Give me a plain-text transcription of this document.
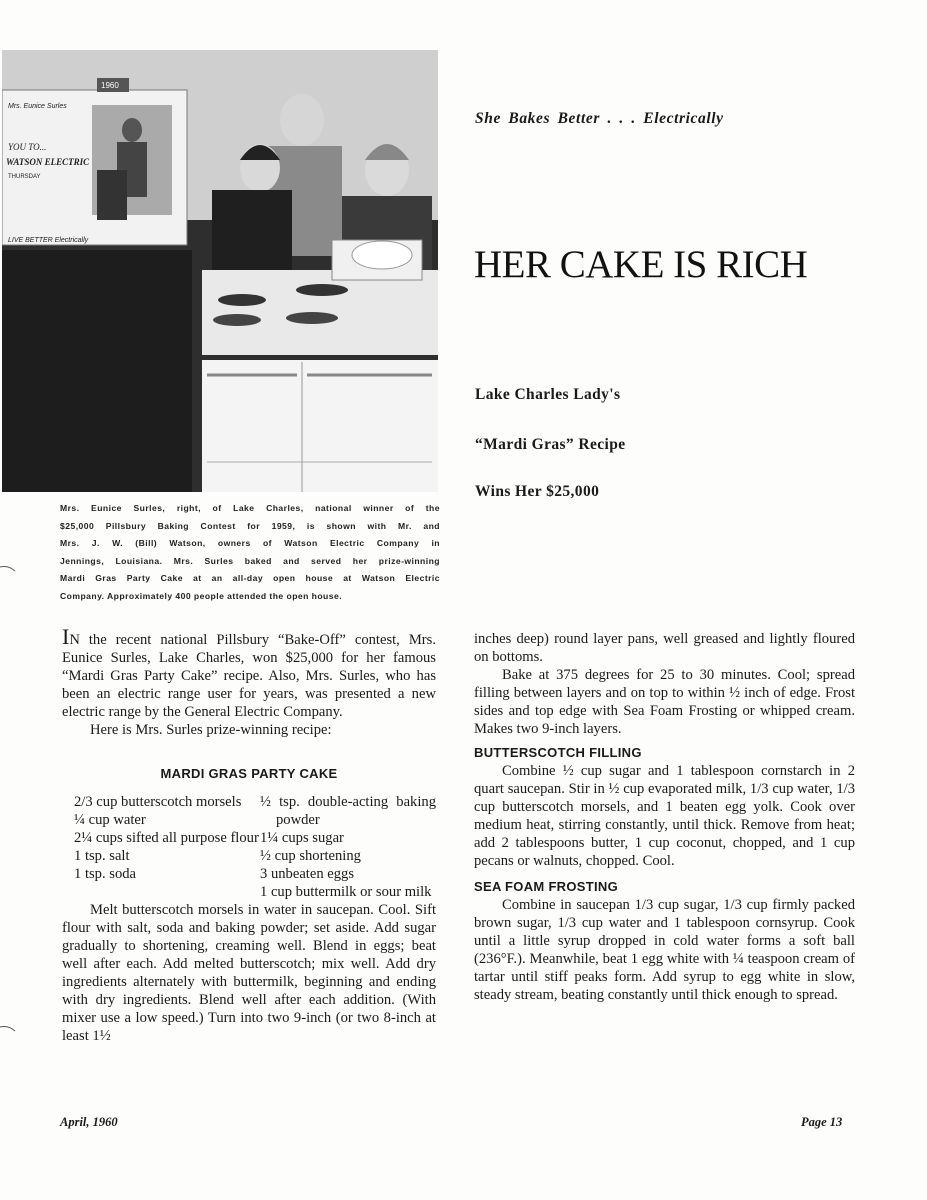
1960
Mrs. Eunice Surles
YOU TO...
WATSON ELECTRIC
THURSDAY
LIVE BETTER Electrically
Mrs. Eunice Surles, right, of Lake Charles, national winner of the
$25,000 Pillsbury Baking Contest for 1959, is shown with Mr. and
Mrs. J. W. (Bill) Watson, owners of Watson Electric Company in
Jennings, Louisiana. Mrs. Surles baked and served her prize-winning
Mardi Gras Party Cake at an all-day open house at Watson Electric
Company. Approximately 400 people attended the open house.
She Bakes Better . . . Electrically
HER CAKE IS RICH
Lake Charles Lady's
“Mardi Gras” Recipe
Wins Her $25,000

IN the recent national Pillsbury “Bake-Off” contest, Mrs. Eunice Surles, Lake Charles, won $25,000 for her famous “Mardi Gras Party Cake” recipe. Also, Mrs. Surles, who has been an electric range user for years, was presented a new electric range by the General Electric Company.

Here is Mrs. Surles prize-winning recipe:

MARDI GRAS PARTY CAKE

2/3 cup butterscotch morsels
¼ cup water
2¼ cups sifted all purpose flour
1 tsp. salt
1 tsp. soda
½ tsp. double-acting baking powder
1¼ cups sugar
½ cup shortening
3 unbeaten eggs
1 cup buttermilk or sour milk

Melt butterscotch morsels in water in saucepan. Cool. Sift flour with salt, soda and baking powder; set aside. Add sugar gradually to shortening, creaming well. Blend in eggs; beat well after each. Add melted butterscotch; mix well. Add dry ingredients alternately with buttermilk, beginning and ending with dry ingredients. Blend well after each addition. (With mixer use a low speed.) Turn into two 9-inch (or two 8-inch at least 1½

inches deep) round layer pans, well greased and lightly floured on bottoms.

Bake at 375 degrees for 25 to 30 minutes. Cool; spread filling between layers and on top to within ½ inch of edge. Frost sides and top edge with Sea Foam Frosting or whipped cream. Makes two 9-inch layers.

BUTTERSCOTCH FILLING

Combine ½ cup sugar and 1 tablespoon cornstarch in 2 quart saucepan. Stir in ½ cup evaporated milk, 1/3 cup water, 1/3 cup butterscotch morsels, and 1 beaten egg yolk. Cook over medium heat, stirring constantly, until thick. Remove from heat; add 2 tablespoons butter, 1 cup coconut, chopped, and 1 cup pecans or walnuts, chopped. Cool.

SEA FOAM FROSTING

Combine in saucepan 1/3 cup sugar, 1/3 cup firmly packed brown sugar, 1/3 cup water and 1 tablespoon cornsyrup. Cook until a little syrup dropped in cold water forms a soft ball (236°F.). Meanwhile, beat 1 egg white with ¼ teaspoon cream of tartar until stiff peaks form. Add syrup to egg white in slow, steady stream, beating constantly until thick enough to spread.

April, 1960	Page 13
